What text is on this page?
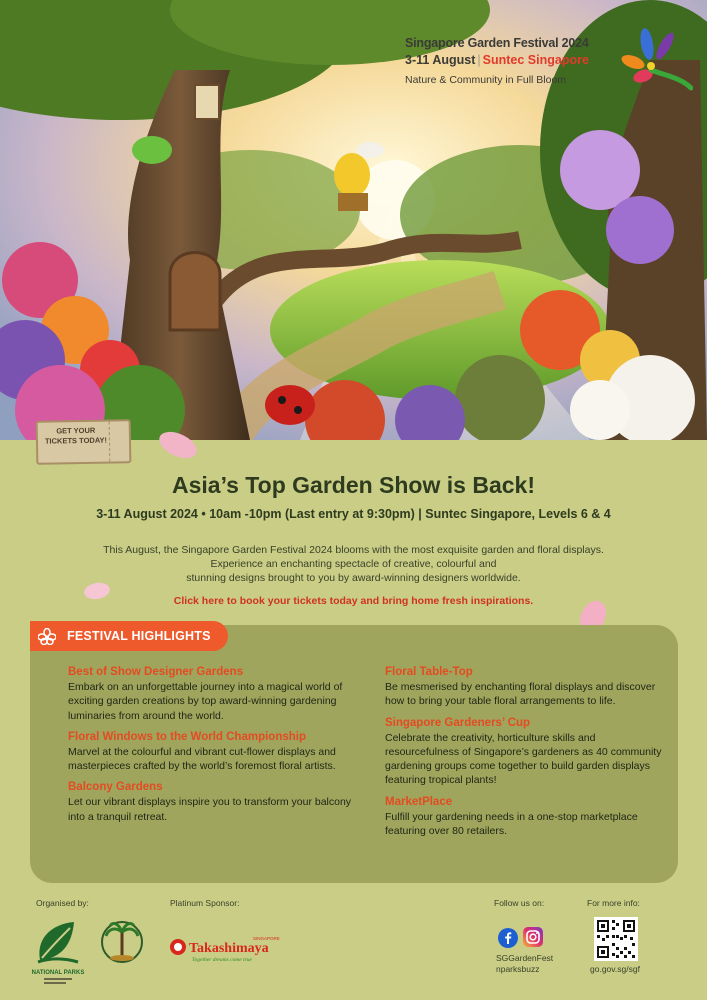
Singapore Garden Festival 2024
3-11 August | Suntec Singapore
Nature & Community in Full Bloom
GET YOUR TICKETS TODAY!
Asia’s Top Garden Show is Back!
3-11 August 2024 • 10am -10pm (Last entry at 9:30pm) | Suntec Singapore, Levels 6 & 4
This August, the Singapore Garden Festival 2024 blooms with the most exquisite garden and floral displays.
Experience an enchanting spectacle of creative, colourful and
stunning designs brought to you by award-winning designers worldwide.
Click here to book your tickets today and bring home fresh inspirations.
FESTIVAL HIGHLIGHTS
Best of Show Designer Gardens
Embark on an unforgettable journey into a magical world of exciting garden creations by top award-winning gardening luminaries from around the world.
Floral Windows to the World Championship
Marvel at the colourful and vibrant cut-flower displays and masterpieces crafted by the world’s foremost floral artists.
Balcony Gardens
Let our vibrant displays inspire you to transform your balcony into a tranquil retreat.
Floral Table-Top
Be mesmerised by enchanting floral displays and discover how to bring your table floral arrangements to life.
Singapore Gardeners’ Cup
Celebrate the creativity, horticulture skills and resourcefulness of Singapore’s gardeners as 40 community gardening groups come together to build garden displays featuring tropical plants!
MarketPlace
Fulfill your gardening needs in a one-stop marketplace featuring over 80 retailers.
Organised by:	Platinum Sponsor:	Follow us on:	For more info:
NATIONAL PARKS
Takashimaya
SINGAPORE
Together dreams come true	SGGardenFest
nparksbuzz	go.gov.sg/sgf
